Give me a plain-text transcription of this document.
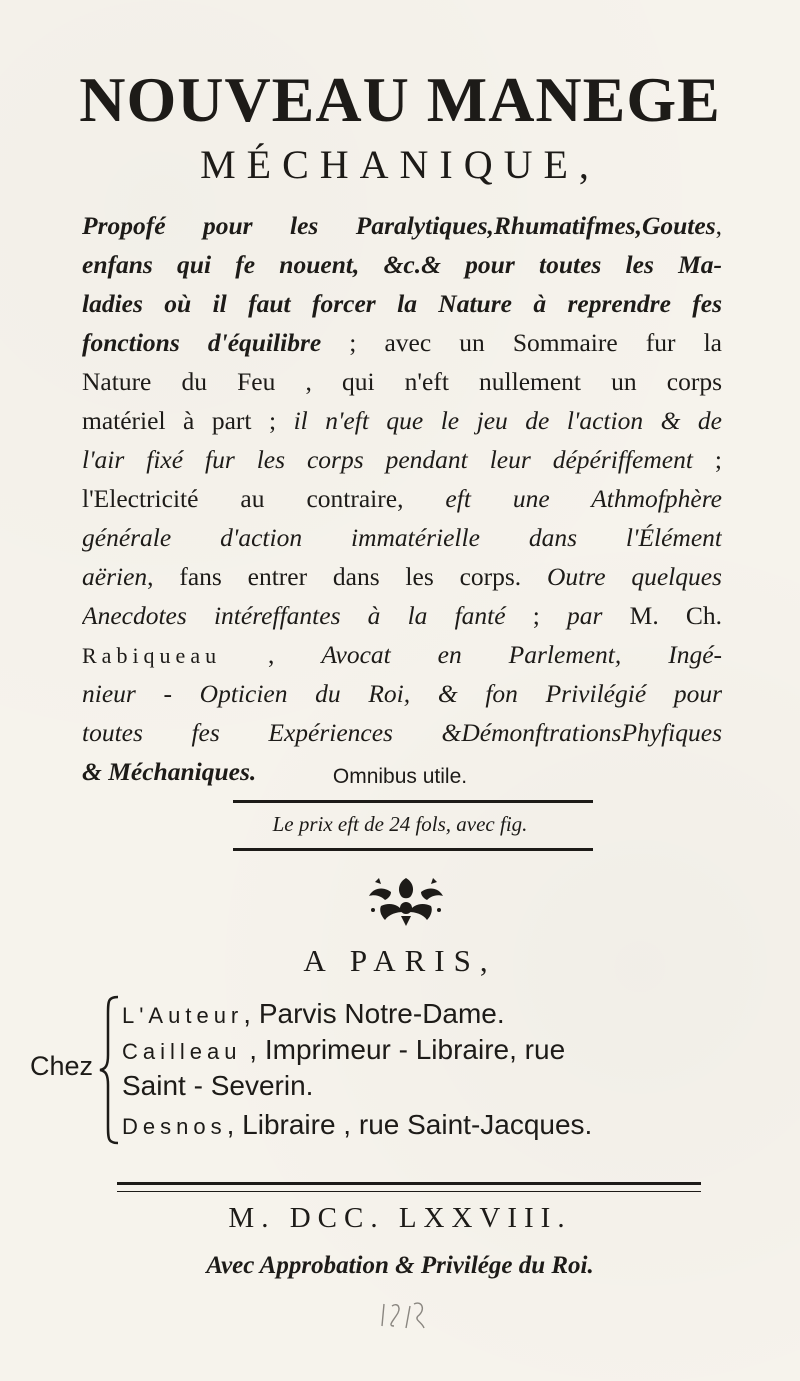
NOUVEAU MANEGE
MÉCHANIQUE,
Propofé pour les Paralytiques,Rhumatifmes,Goutes,
enfans qui fe nouent, &c.& pour toutes les Ma-
ladies où il faut forcer la Nature à reprendre fes
fonctions d'équilibre ; avec un Sommaire fur la
Nature du Feu , qui n'eft nullement un corps
matériel à part ; il n'eft que le jeu de l'action & de
l'air fixé fur les corps pendant leur dépériffement ;
l'Electricité au contraire, eft une Athmofphère
générale d'action immatérielle dans l'Élément
aërien, fans entrer dans les corps. Outre quelques
Anecdotes intéreffantes à la fanté ; par M. Ch.
Rabiqueau , Avocat en Parlement, Ingé-
nieur - Opticien du Roi, & fon Privilégié pour
toutes fes Expériences &DémonftrationsPhyfiques
& Méchaniques.	Omnibus utile.
Le prix eft de 24 fols, avec fig.
A PARIS,
Chez
L'Auteur, Parvis Notre-Dame.
Cailleau , Imprimeur - Libraire, rue
Saint - Severin.
Desnos, Libraire , rue Saint-Jacques.
M. DCC. LXXVIII.
Avec Approbation & Privilége du Roi.
